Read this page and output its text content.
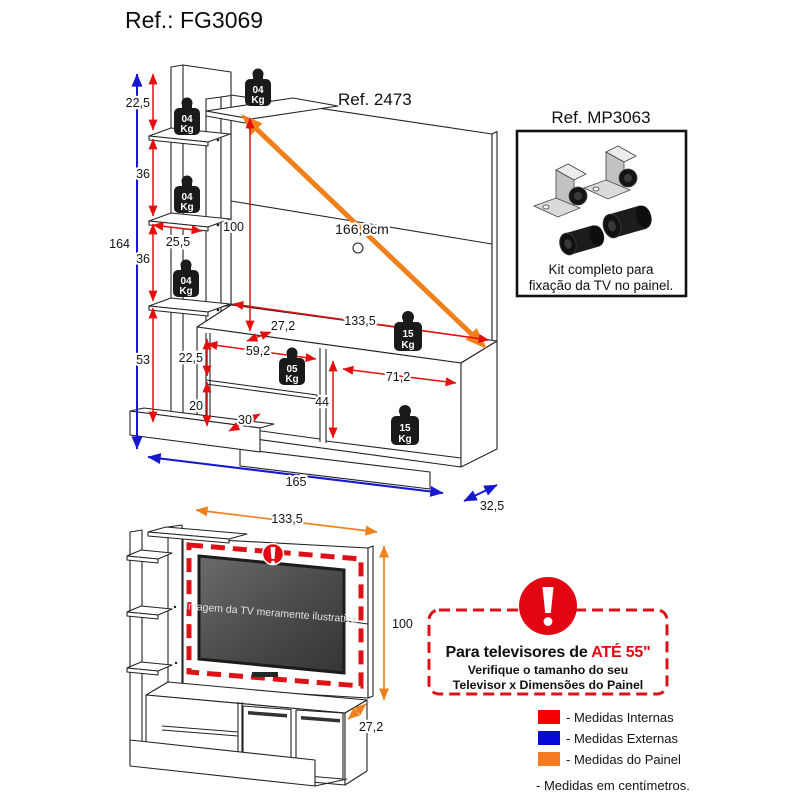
Ref.: FG3069
164
165
32,5
22,5
36
25,5
36
53
100	166,8cm
133,5
27,2
59,2
22,5
20
30
44
71,2
Ref. 2473
04
Kg
04
Kg
04
Kg
04
Kg
05
Kg
15
Kg
15
Kg
Ref. MP3063
Kit completo para
fixação da TV no painel.
Imagem da TV meramente ilustrativa
133,5
100
27,2
Para televisores de ATÉ 55"
Verifique o tamanho do seu
Televisor x Dimensões do Painel
- Medidas Internas
- Medidas Externas
- Medidas do Painel
- Medidas em centímetros.
